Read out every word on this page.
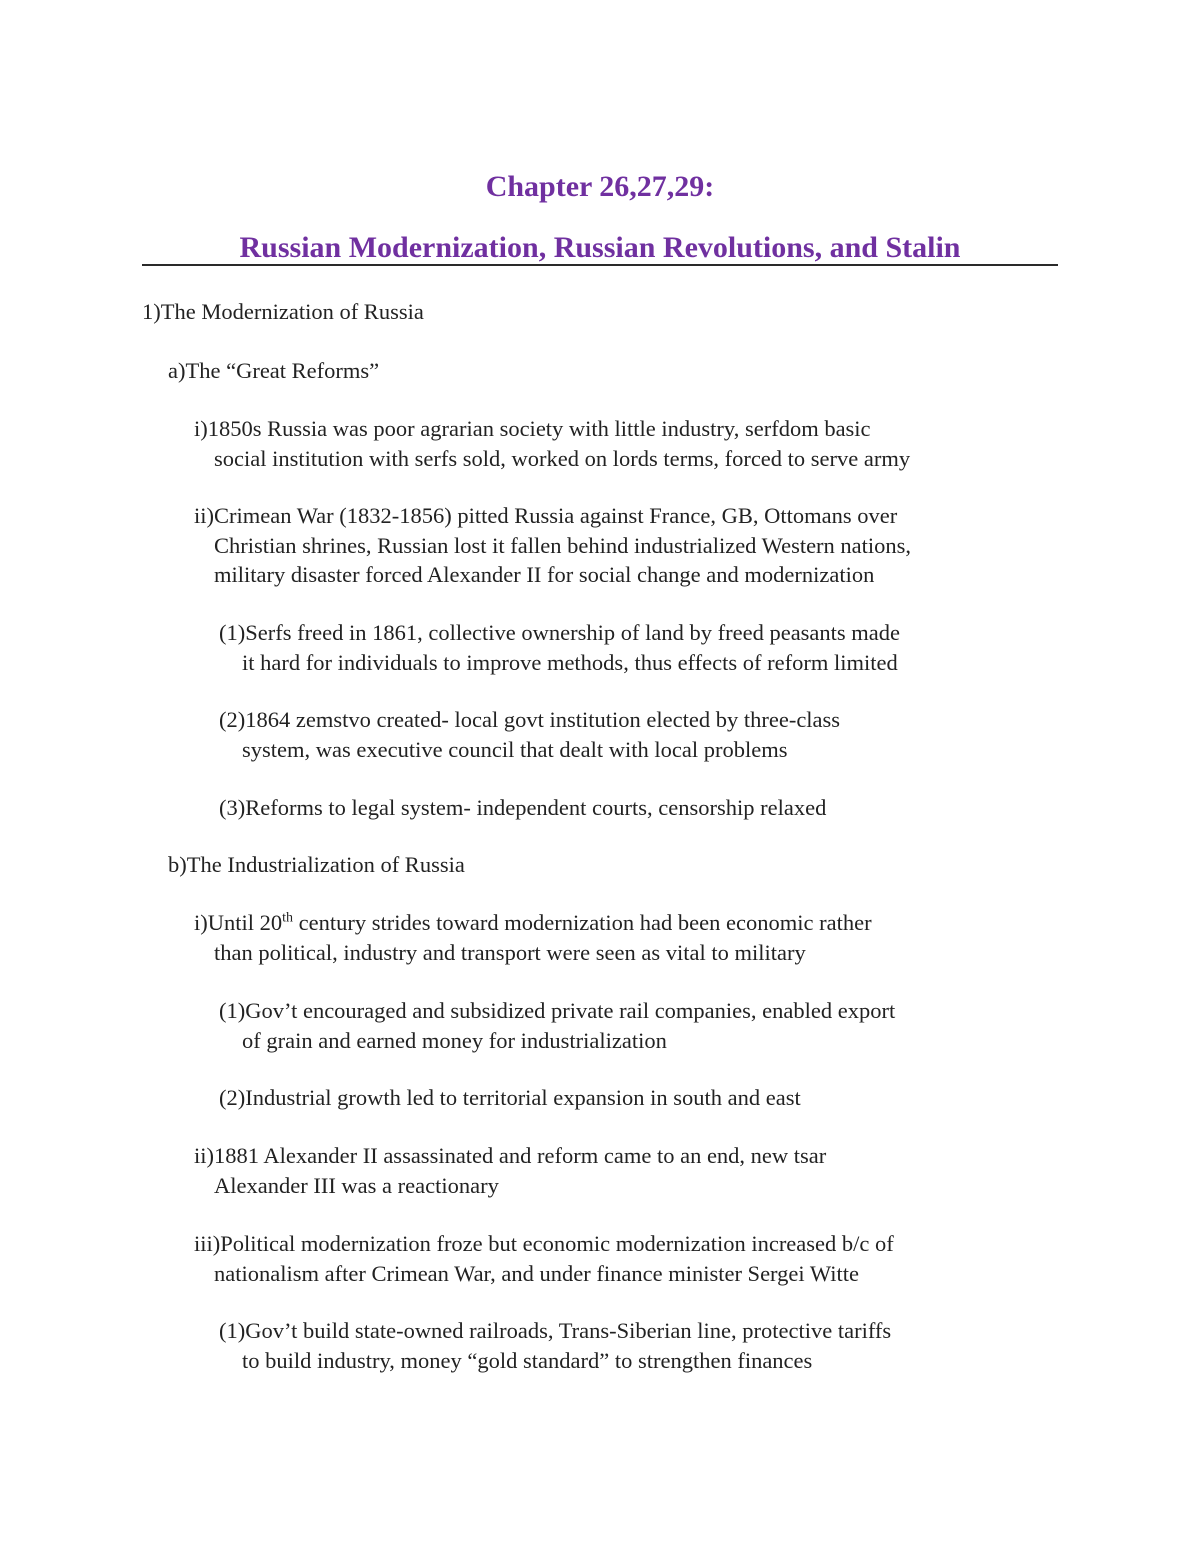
Chapter 26,27,29:
Russian Modernization, Russian Revolutions, and Stalin
1)The Modernization of Russia
a)The “Great Reforms”
i)1850s Russia was poor agrarian society with little industry, serfdom basic
social institution with serfs sold, worked on lords terms, forced to serve army
ii)Crimean War (1832-1856) pitted Russia against France, GB, Ottomans over
Christian shrines, Russian lost it fallen behind industrialized Western nations,
military disaster forced Alexander II for social change and modernization
(1)Serfs freed in 1861, collective ownership of land by freed peasants made
it hard for individuals to improve methods, thus effects of reform limited
(2)1864 zemstvo created- local govt institution elected by three-class
system, was executive council that dealt with local problems
(3)Reforms to legal system- independent courts, censorship relaxed
b)The Industrialization of Russia
i)Until 20th century strides toward modernization had been economic rather
than political, industry and transport were seen as vital to military
(1)Gov’t encouraged and subsidized private rail companies, enabled export
of grain and earned money for industrialization
(2)Industrial growth led to territorial expansion in south and east
ii)1881 Alexander II assassinated and reform came to an end, new tsar
Alexander III was a reactionary
iii)Political modernization froze but economic modernization increased b/c of
nationalism after Crimean War, and under finance minister Sergei Witte
(1)Gov’t build state-owned railroads, Trans-Siberian line, protective tariffs
to build industry, money “gold standard” to strengthen finances
